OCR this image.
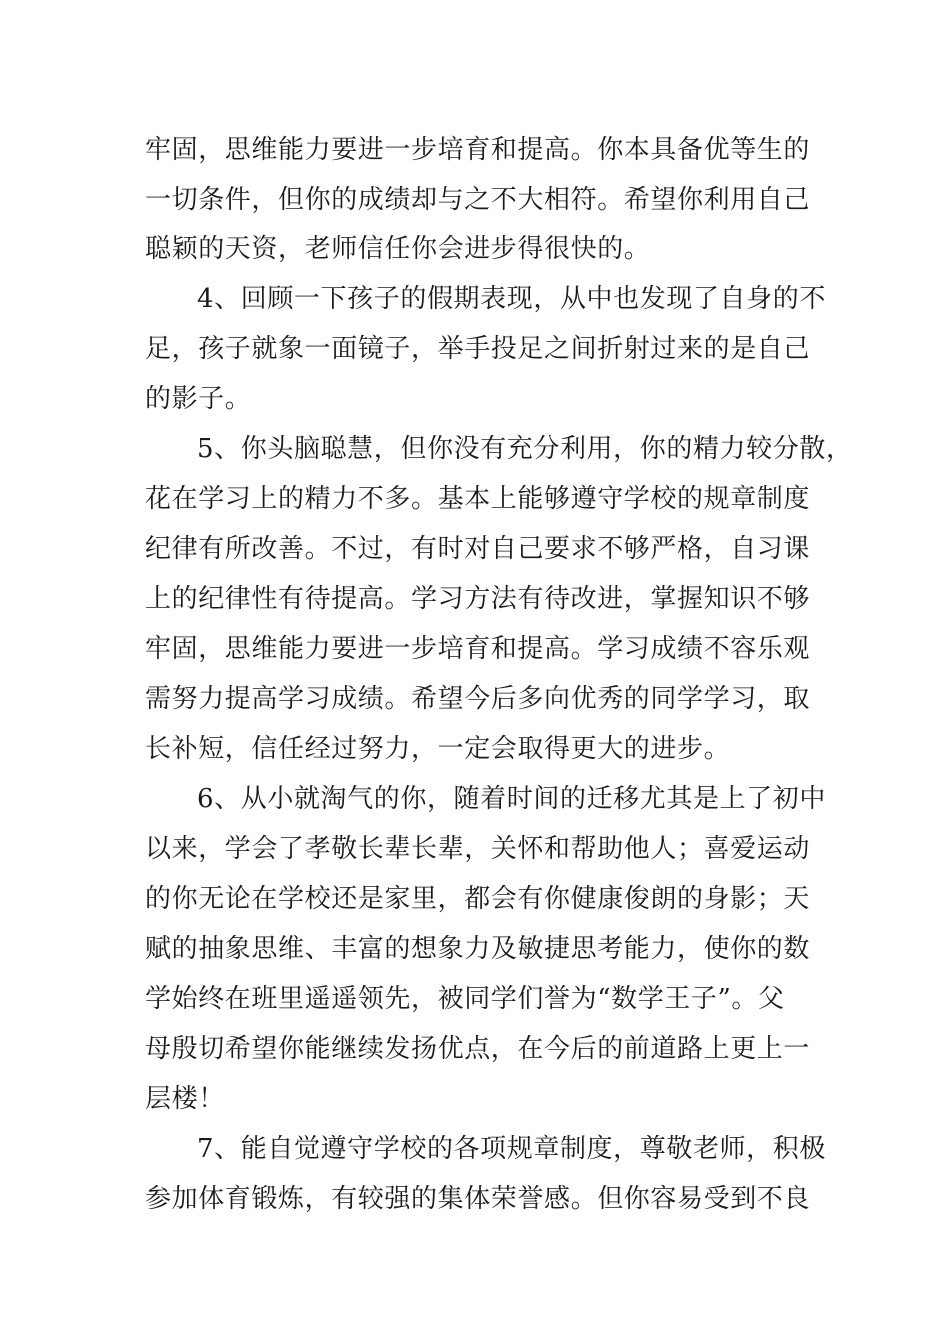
牢固，思维能力要进一步培育和提高。你本具备优等生的
一切条件，但你的成绩却与之不大相符。希望你利用自己
聪颖的天资，老师信任你会进步得很快的。
4、回顾一下孩子的假期表现，从中也发现了自身的不
足，孩子就象一面镜子，举手投足之间折射过来的是自己
的影子。
5、你头脑聪慧，但你没有充分利用，你的精力较分散，
花在学习上的精力不多。基本上能够遵守学校的规章制度
纪律有所改善。不过，有时对自己要求不够严格，自习课
上的纪律性有待提高。学习方法有待改进，掌握知识不够
牢固，思维能力要进一步培育和提高。学习成绩不容乐观
需努力提高学习成绩。希望今后多向优秀的同学学习，取
长补短，信任经过努力，一定会取得更大的进步。
6、从小就淘气的你，随着时间的迁移尤其是上了初中
以来，学会了孝敬长辈长辈，关怀和帮助他人；喜爱运动
的你无论在学校还是家里，都会有你健康俊朗的身影；天
赋的抽象思维、丰富的想象力及敏捷思考能力，使你的数
学始终在班里遥遥领先，被同学们誉为“数学王子”。父
母殷切希望你能继续发扬优点，在今后的前道路上更上一
层楼！
7、能自觉遵守学校的各项规章制度，尊敬老师，积极
参加体育锻炼，有较强的集体荣誉感。但你容易受到不良
